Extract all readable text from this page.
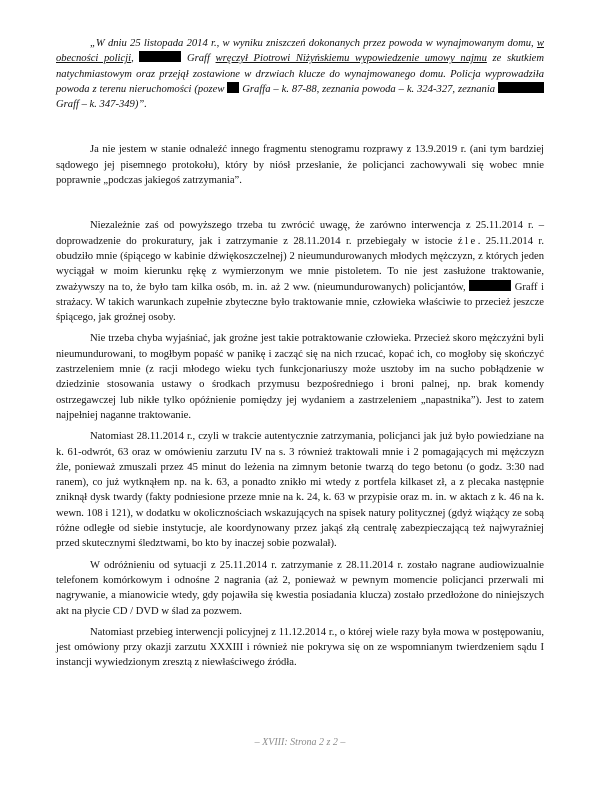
„W dniu 25 listopada 2014 r., w wyniku zniszczeń dokonanych przez powoda w wynajmowanym domu, w obecności policji,	Graff wręczył Piotrowi Niżyńskiemu wypowiedzenie umowy najmu ze skutkiem natychmiastowym oraz przejął zostawione w drzwiach klucze do wynajmowanego domu. Policja wyprowadziła powoda z terenu nieruchomości (pozew  Graffa – k. 87-88, zeznania powoda – k. 324-327, zeznania Graff – k. 347-349)”.

Ja nie jestem w stanie odnaleźć innego fragmentu stenogramu rozprawy z 13.9.2019 r. (ani tym bardziej sądowego jej pisemnego protokołu), który by niósł przesłanie, że policjanci zachowywali się wobec mnie poprawnie „podczas jakiegoś zatrzymania”.

Niezależnie zaś od powyższego trzeba tu zwrócić uwagę, że zarówno interwencja z 25.11.2014 r. – doprowadzenie do prokuratury, jak i zatrzymanie z 28.11.2014 r. przebiegały w istocie źle. 25.11.2014 r. obudziło mnie (śpiącego w kabinie dźwiękoszczelnej) 2 nieumundurowanych młodych mężczyzn, z których jeden wyciągał w moim kierunku rękę z wymierzonym we mnie pistoletem. To nie jest zasłużone traktowanie, zważywszy na to, że było tam kilka osób, m. in. aż 2 ww. (nieumundurowanych) policjantów,	Graff i strażacy. W takich warunkach zupełnie zbyteczne było traktowanie mnie, człowieka właściwie to przecież jeszcze śpiącego, jak groźnej osoby.

Nie trzeba chyba wyjaśniać, jak groźne jest takie potraktowanie człowieka. Przecież skoro mężczyźni byli nieumundurowani, to mogłbym popaść w panikę i zacząć się na nich rzucać, kopać ich, co mogłoby się skończyć zastrzeleniem mnie (z racji młodego wieku tych funkcjonariuszy może usztoby im na sucho pobłądzenie w dziedzinie stosowania ustawy o środkach przymusu bezpośredniego i broni palnej, np. brak komendy ostrzegawczej lub nikłe tylko opóźnienie pomiędzy jej wydaniem a zastrzeleniem „napastnika”). Jest to zatem najpełniej naganne traktowanie.

Natomiast 28.11.2014 r., czyli w trakcie autentycznie zatrzymania, policjanci jak już było powiedziane na k. 61-odwrót, 63 oraz w omówieniu zarzutu IV na s. 3 również traktowali mnie i 2 pomagających mi mężczyzn źle, ponieważ zmuszali przez 45 minut do leżenia na zimnym betonie twarzą do tego betonu (o godz. 3:30 nad ranem), co już wytknąłem np. na k. 63, a ponadto znikło mi wtedy z portfela kilkaset zł, a z plecaka następnie zniknął dysk twardy (fakty podniesione przeze mnie na k. 24, k. 63 w przypisie oraz m. in. w aktach z k. 46 na k. wewn. 108 i 121), w dodatku w okolicznościach wskazujących na spisek natury politycznej (gdyż wiążący ze sobą różne odległe od siebie instytucje, ale koordynowany przez jakąś złą centralę zabezpieczającą też najwyraźniej przed skutecznymi śledztwami, bo kto by inaczej sobie pozwalał).

W odróżnieniu od sytuacji z 25.11.2014 r. zatrzymanie z 28.11.2014 r. zostało nagrane audiowizualnie telefonem komórkowym i odnośne 2 nagrania (aż 2, ponieważ w pewnym momencie policjanci przerwali mi nagrywanie, a mianowicie wtedy, gdy pojawiła się kwestia posiadania klucza) zostało przedłożone do niniejszych akt na płycie CD / DVD w ślad za pozwem.

Natomiast przebieg interwencji policyjnej z 11.12.2014 r., o której wiele razy była mowa w postępowaniu, jest omówiony przy okazji zarzutu XXXIII i również nie pokrywa się on ze wspomnianym twierdzeniem sądu I instancji wywiedzionym zresztą z niewłaściwego źródła.

– XVIII: Strona 2 z 2 –
